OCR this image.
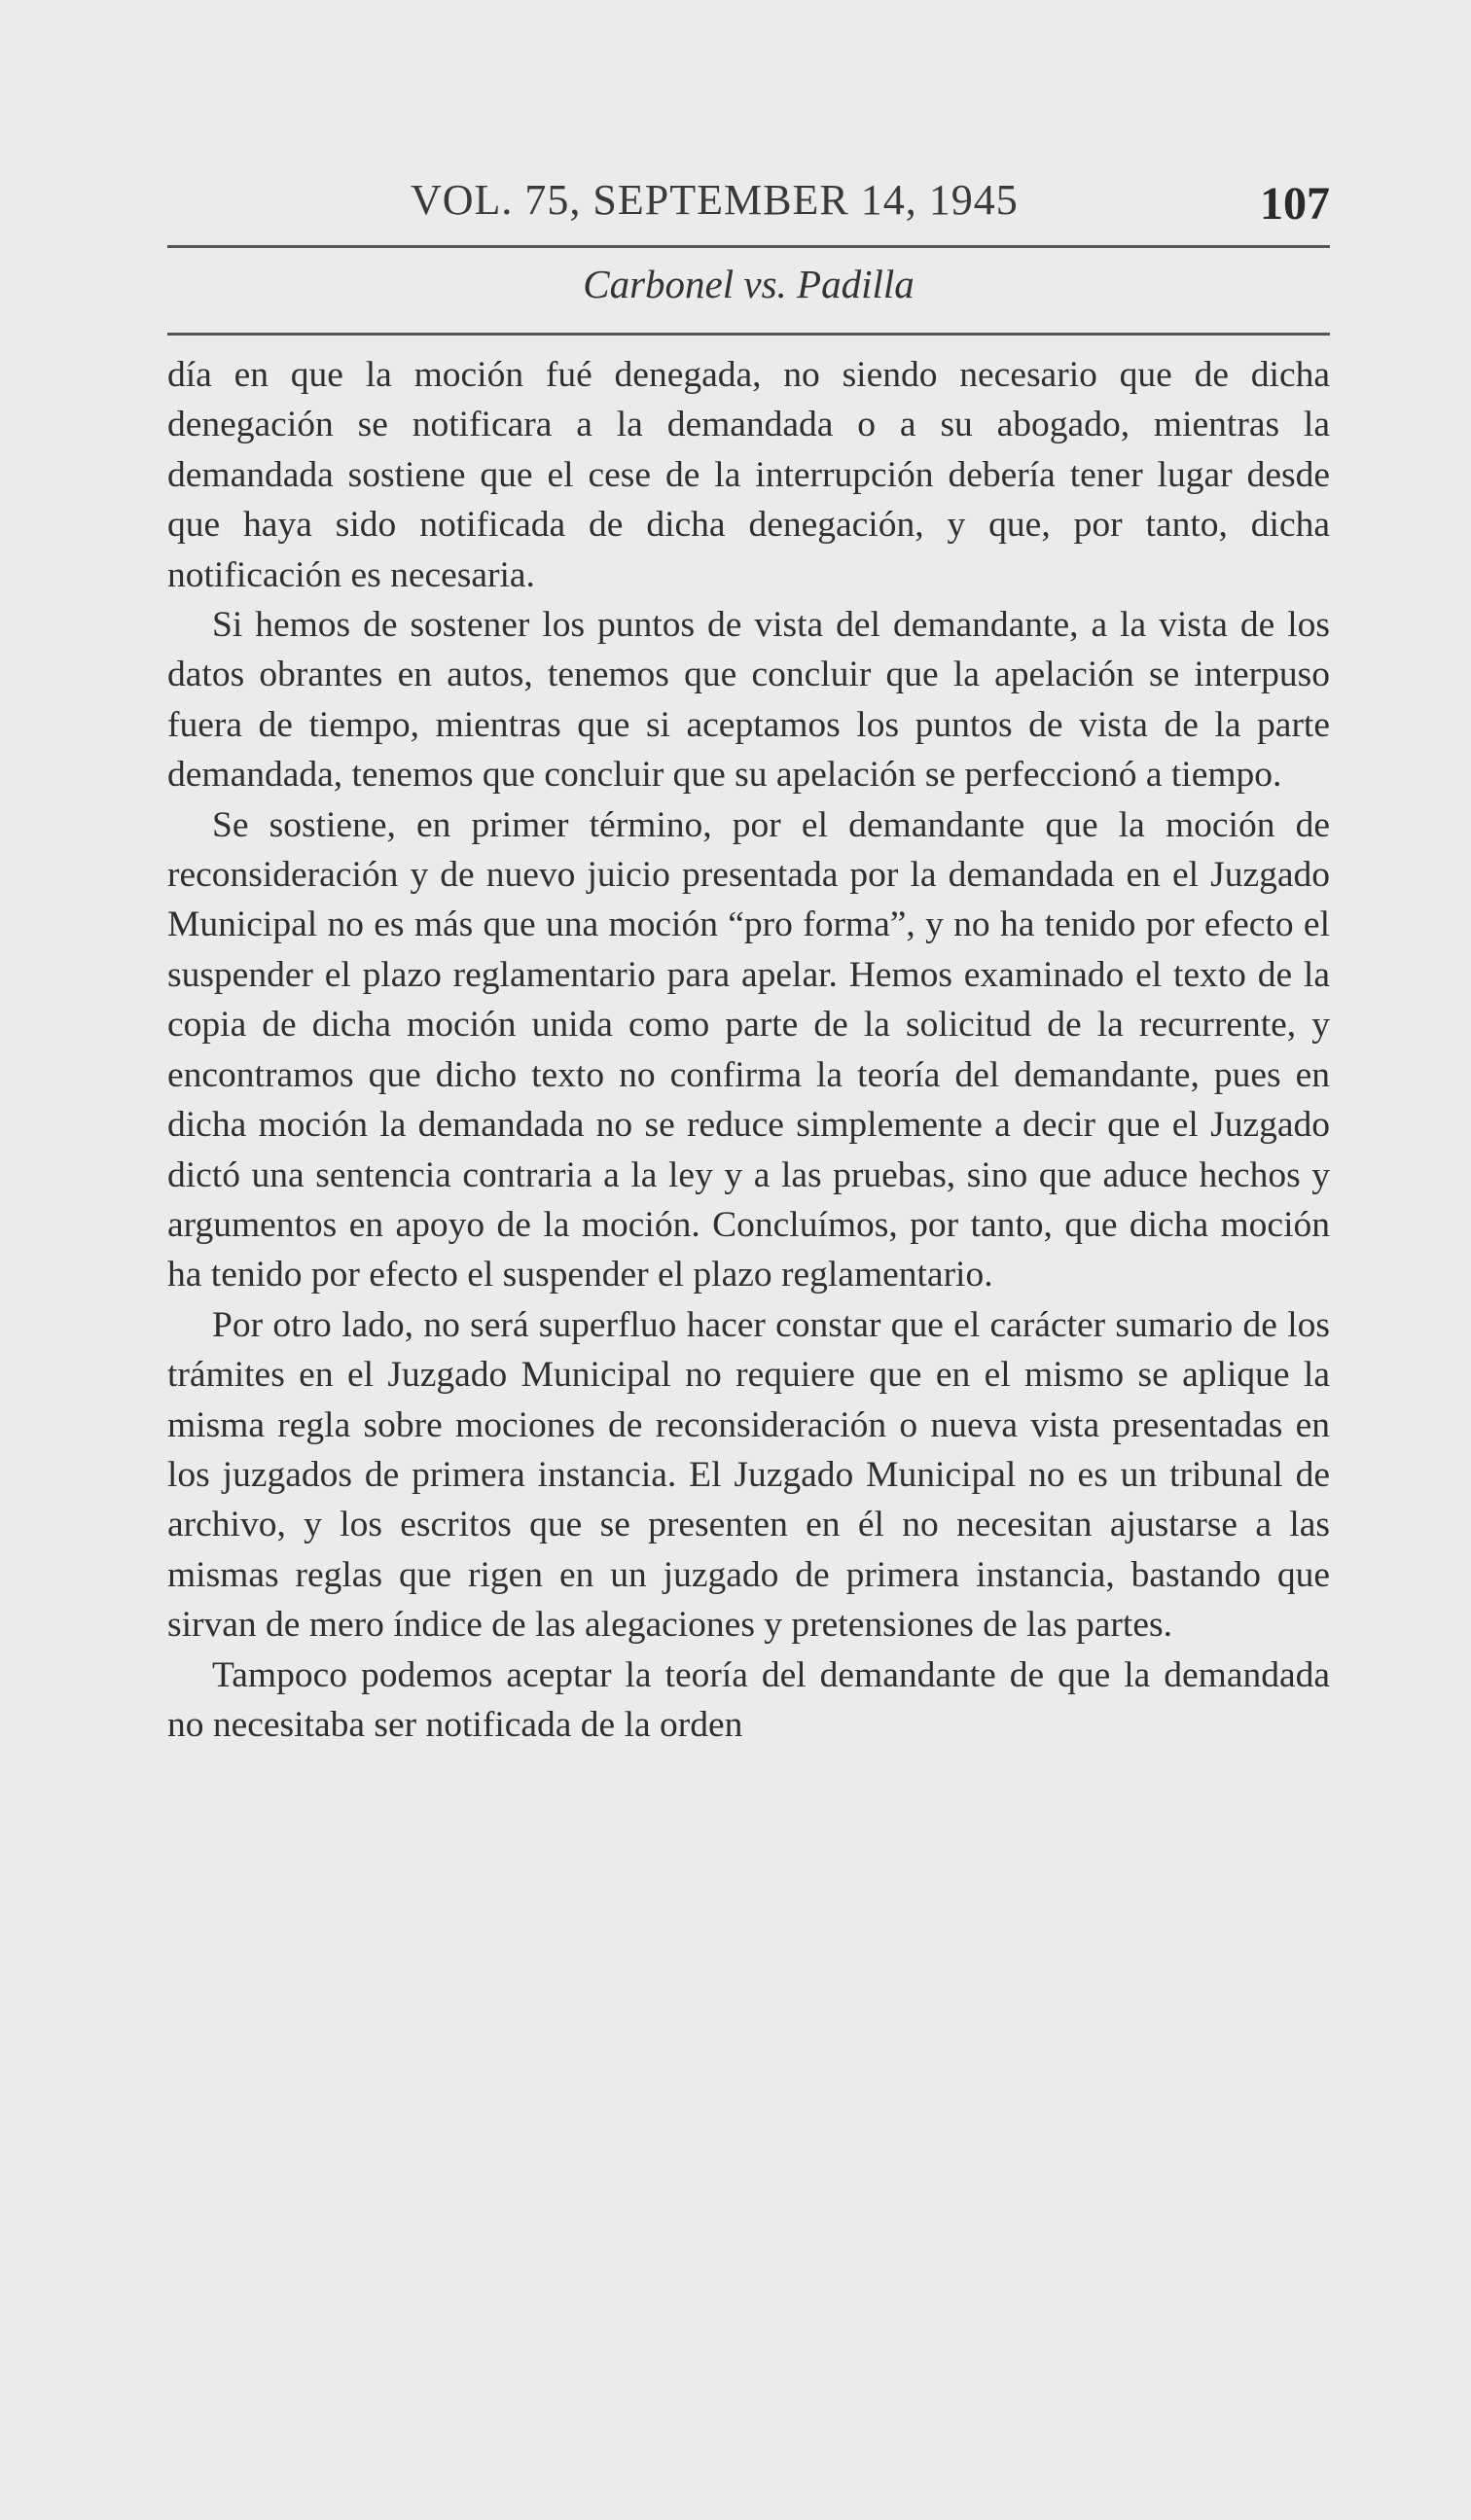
VOL. 75, SEPTEMBER 14, 1945	107
Carbonel vs. Padilla

día en que la moción fué denegada, no siendo necesario que de dicha denegación se notificara a la demandada o a su abogado, mientras la demandada sostiene que el cese de la interrupción debería tener lugar desde que haya sido notificada de dicha denegación, y que, por tanto, dicha notificación es necesaria.

Si hemos de sostener los puntos de vista del demandante, a la vista de los datos obrantes en autos, tenemos que concluir que la apelación se interpuso fuera de tiempo, mientras que si aceptamos los puntos de vista de la parte demandada, tenemos que concluir que su apelación se perfeccionó a tiempo.

Se sostiene, en primer término, por el demandante que la moción de reconsideración y de nuevo juicio presentada por la demandada en el Juzgado Municipal no es más que una moción “pro forma”, y no ha tenido por efecto el suspender el plazo reglamentario para apelar. Hemos examinado el texto de la copia de dicha moción unida como parte de la solicitud de la recurrente, y encontramos que dicho texto no confirma la teoría del demandante, pues en dicha moción la demandada no se reduce simplemente a decir que el Juzgado dictó una sentencia contraria a la ley y a las pruebas, sino que aduce hechos y argumentos en apoyo de la moción. Concluímos, por tanto, que dicha moción ha tenido por efecto el suspender el plazo reglamentario.

Por otro lado, no será superfluo hacer constar que el carácter sumario de los trámites en el Juzgado Municipal no requiere que en el mismo se aplique la misma regla sobre mociones de reconsideración o nueva vista presentadas en los juzgados de primera instancia. El Juzgado Municipal no es un tribunal de archivo, y los escritos que se presenten en él no necesitan ajustarse a las mismas reglas que rigen en un juzgado de primera instancia, bastando que sirvan de mero índice de las alegaciones y pretensiones de las partes.

Tampoco podemos aceptar la teoría del demandante de que la demandada no necesitaba ser notificada de la orden
